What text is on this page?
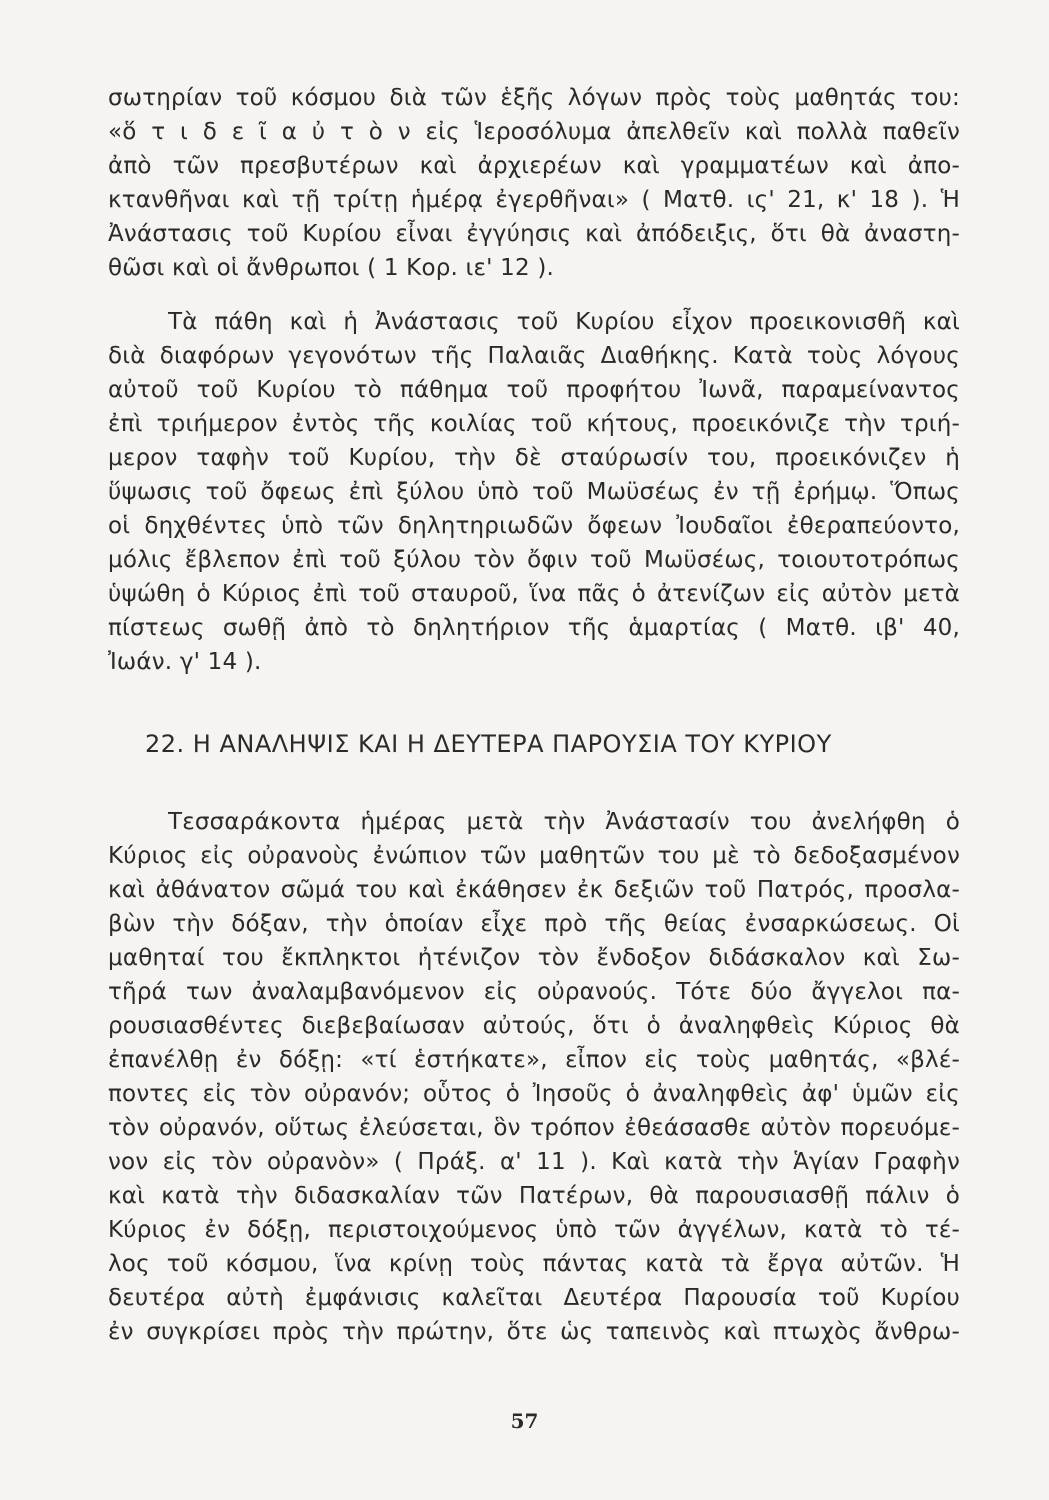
σωτηρίαν τοῦ κόσμου διὰ τῶν ἑξῆς λόγων πρὸς τοὺς μαθητάς του:
«ὅ τ ι δ ε ῖ α ὐ τ ὸ ν εἰς Ἱεροσόλυμα ἀπελθεῖν καὶ πολλὰ παθεῖν
ἀπὸ τῶν πρεσβυτέρων καὶ ἀρχιερέων καὶ γραμματέων καὶ ἀπο-
κτανθῆναι καὶ τῇ τρίτῃ ἡμέρᾳ ἐγερθῆναι» ( Ματθ. ις' 21, κ' 18 ). Ἡ
Ἀνάστασις τοῦ Κυρίου εἶναι ἐγγύησις καὶ ἀπόδειξις, ὅτι θὰ ἀναστη-
θῶσι καὶ οἱ ἄνθρωποι ( 1 Κορ. ιε' 12 ).
Τὰ πάθη καὶ ἡ Ἀνάστασις τοῦ Κυρίου εἶχον προεικονισθῆ καὶ
διὰ διαφόρων γεγονότων τῆς Παλαιᾶς Διαθήκης. Κατὰ τοὺς λόγους
αὐτοῦ τοῦ Κυρίου τὸ πάθημα τοῦ προφήτου Ἰωνᾶ, παραμείναντος
ἐπὶ τριήμερον ἐντὸς τῆς κοιλίας τοῦ κήτους, προεικόνιζε τὴν τριή-
μερον ταφὴν τοῦ Κυρίου, τὴν δὲ σταύρωσίν του, προεικόνιζεν ἡ
ὕψωσις τοῦ ὄφεως ἐπὶ ξύλου ὑπὸ τοῦ Μωϋσέως ἐν τῇ ἐρήμῳ. Ὅπως
οἱ δηχθέντες ὑπὸ τῶν δηλητηριωδῶν ὄφεων Ἰουδαῖοι ἐθεραπεύοντο,
μόλις ἔβλεπον ἐπὶ τοῦ ξύλου τὸν ὄφιν τοῦ Μωϋσέως, τοιουτοτρόπως
ὑψώθη ὁ Κύριος ἐπὶ τοῦ σταυροῦ, ἵνα πᾶς ὁ ἀτενίζων εἰς αὐτὸν μετὰ
πίστεως σωθῇ ἀπὸ τὸ δηλητήριον τῆς ἁμαρτίας ( Ματθ. ιβ' 40,
Ἰωάν. γ' 14 ).
22. Η ΑΝΑΛΗΨΙΣ ΚΑΙ Η ΔΕΥΤΕΡΑ ΠΑΡΟΥΣΙΑ ΤΟΥ ΚΥΡΙΟΥ
Τεσσαράκοντα ἡμέρας μετὰ τὴν Ἀνάστασίν του ἀνελήφθη ὁ
Κύριος εἰς οὐρανοὺς ἐνώπιον τῶν μαθητῶν του μὲ τὸ δεδοξασμένον
καὶ ἀθάνατον σῶμά του καὶ ἐκάθησεν ἐκ δεξιῶν τοῦ Πατρός, προσλα-
βὼν τὴν δόξαν, τὴν ὁποίαν εἶχε πρὸ τῆς θείας ἐνσαρκώσεως. Οἱ
μαθηταί του ἔκπληκτοι ἠτένιζον τὸν ἔνδοξον διδάσκαλον καὶ Σω-
τῆρά των ἀναλαμβανόμενον εἰς οὐρανούς. Τότε δύο ἄγγελοι πα-
ρουσιασθέντες διεβεβαίωσαν αὐτούς, ὅτι ὁ ἀναληφθεὶς Κύριος θὰ
ἐπανέλθῃ ἐν δόξῃ: «τί ἑστήκατε», εἶπον εἰς τοὺς μαθητάς, «βλέ-
ποντες εἰς τὸν οὐρανόν; οὗτος ὁ Ἰησοῦς ὁ ἀναληφθεὶς ἀφ' ὑμῶν εἰς
τὸν οὐρανόν, οὕτως ἐλεύσεται, ὃν τρόπον ἐθεάσασθε αὐτὸν πορευόμε-
νον εἰς τὸν οὐρανὸν» ( Πράξ. α' 11 ). Καὶ κατὰ τὴν Ἁγίαν Γραφὴν
καὶ κατὰ τὴν διδασκαλίαν τῶν Πατέρων, θὰ παρουσιασθῇ πάλιν ὁ
Κύριος ἐν δόξῃ, περιστοιχούμενος ὑπὸ τῶν ἀγγέλων, κατὰ τὸ τέ-
λος τοῦ κόσμου, ἵνα κρίνῃ τοὺς πάντας κατὰ τὰ ἔργα αὐτῶν. Ἡ
δευτέρα αὐτὴ ἐμφάνισις καλεῖται Δευτέρα Παρουσία τοῦ Κυρίου
ἐν συγκρίσει πρὸς τὴν πρώτην, ὅτε ὡς ταπεινὸς καὶ πτωχὸς ἄνθρω-
57
